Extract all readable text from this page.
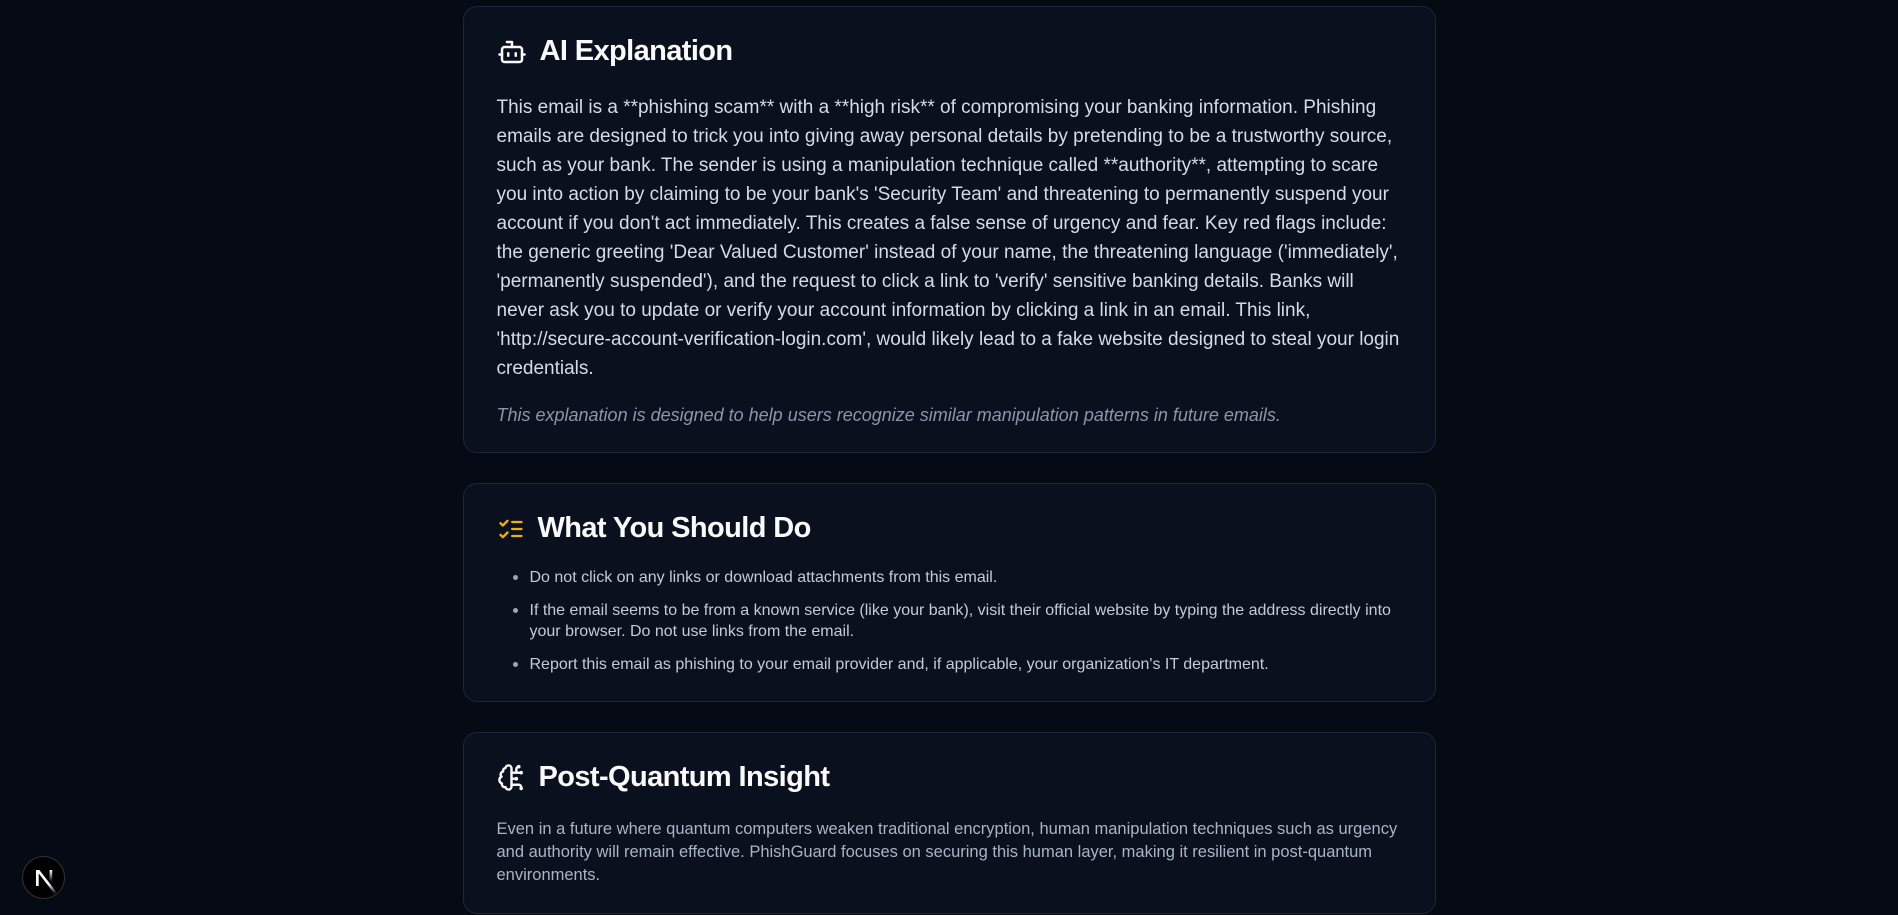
AI Explanation

This email is a **phishing scam** with a **high risk** of compromising your banking information. Phishing emails are designed to trick you into giving away personal details by pretending to be a trustworthy source, such as your bank. The sender is using a manipulation technique called **authority**, attempting to scare you into action by claiming to be your bank's 'Security Team' and threatening to permanently suspend your account if you don't act immediately. This creates a false sense of urgency and fear. Key red flags include: the generic greeting 'Dear Valued Customer' instead of your name, the threatening language ('immediately', 'permanently suspended'), and the request to click a link to 'verify' sensitive banking details. Banks will never ask you to update or verify your account information by clicking a link in an email. This link, 'http://secure-account-verification-login.com', would likely lead to a fake website designed to steal your login credentials.

This explanation is designed to help users recognize similar manipulation patterns in future emails.

What You Should Do
Do not click on any links or download attachments from this email.
If the email seems to be from a known service (like your bank), visit their official website by typing the address directly into your browser. Do not use links from the email.
Report this email as phishing to your email provider and, if applicable, your organization's IT department.
Post-Quantum Insight

Even in a future where quantum computers weaken traditional encryption, human manipulation techniques such as urgency and authority will remain effective. PhishGuard focuses on securing this human layer, making it resilient in post-quantum environments.
